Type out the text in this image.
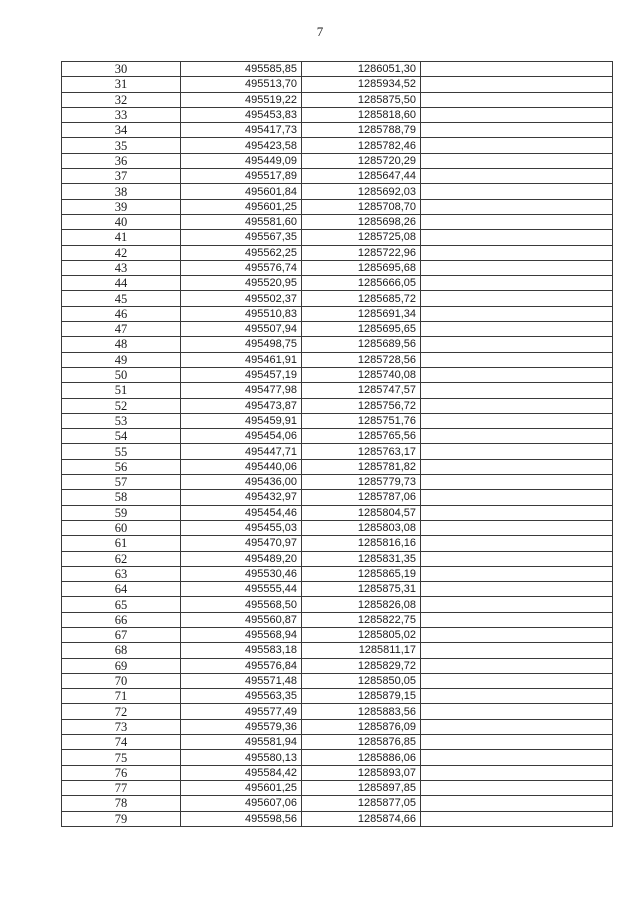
7
30	495585,85	1286051,30	
31	495513,70	1285934,52	
32	495519,22	1285875,50	
33	495453,83	1285818,60	
34	495417,73	1285788,79	
35	495423,58	1285782,46	
36	495449,09	1285720,29	
37	495517,89	1285647,44	
38	495601,84	1285692,03	
39	495601,25	1285708,70	
40	495581,60	1285698,26	
41	495567,35	1285725,08	
42	495562,25	1285722,96	
43	495576,74	1285695,68	
44	495520,95	1285666,05	
45	495502,37	1285685,72	
46	495510,83	1285691,34	
47	495507,94	1285695,65	
48	495498,75	1285689,56	
49	495461,91	1285728,56	
50	495457,19	1285740,08	
51	495477,98	1285747,57	
52	495473,87	1285756,72	
53	495459,91	1285751,76	
54	495454,06	1285765,56	
55	495447,71	1285763,17	
56	495440,06	1285781,82	
57	495436,00	1285779,73	
58	495432,97	1285787,06	
59	495454,46	1285804,57	
60	495455,03	1285803,08	
61	495470,97	1285816,16	
62	495489,20	1285831,35	
63	495530,46	1285865,19	
64	495555,44	1285875,31	
65	495568,50	1285826,08	
66	495560,87	1285822,75	
67	495568,94	1285805,02	
68	495583,18	1285811,17	
69	495576,84	1285829,72	
70	495571,48	1285850,05	
71	495563,35	1285879,15	
72	495577,49	1285883,56	
73	495579,36	1285876,09	
74	495581,94	1285876,85	
75	495580,13	1285886,06	
76	495584,42	1285893,07	
77	495601,25	1285897,85	
78	495607,06	1285877,05	
79	495598,56	1285874,66	
